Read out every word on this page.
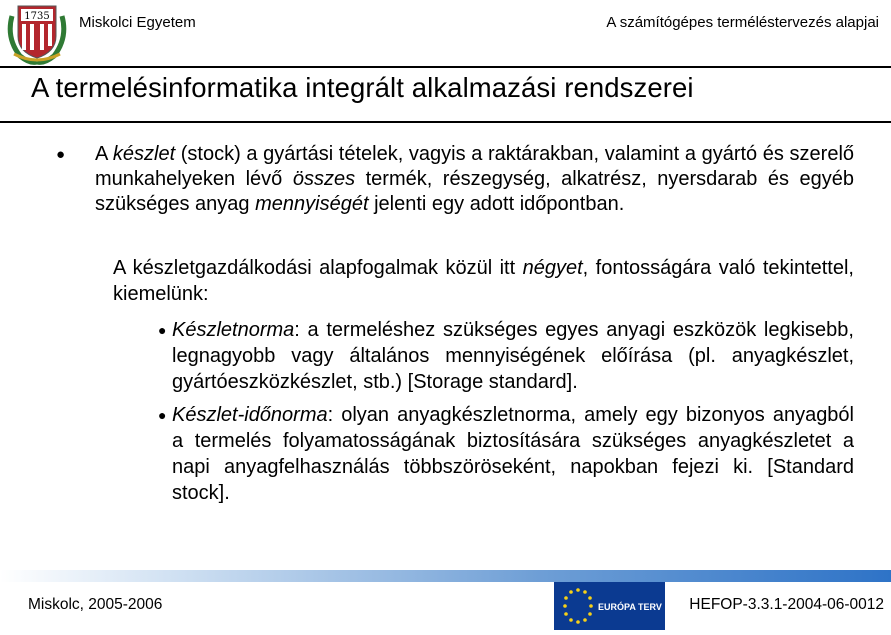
1735 Miskolci Egyetem	A számítógépes terméléstervezés alapjai
A termelésinformatika integrált alkalmazási rendszerei
● A készlet (stock) a gyártási tételek, vagyis a raktárakban, valamint a gyártó és szerelő munkahelyeken lévő összes termék, részegység, alkatrész, nyersdarab és egyéb szükséges anyag mennyiségét jelenti egy adott időpontban.

A készletgazdálkodási alapfogalmak közül itt négyet, fontosságára való tekintettel, kiemelünk:

● Készletnorma: a termeléshez szükséges egyes anyagi eszközök legkisebb, legnagyobb vagy általános mennyiségének előírása (pl. anyagkészlet, gyártóeszközkészlet, stb.) [Storage standard].

● Készlet-időnorma: olyan anyagkészletnorma, amely egy bizonyos anyagból a termelés folyamatosságának biztosítására szükséges anyagkészletet a napi anyagfelhasználás többszöröseként, napokban fejezi ki. [Standard stock].

Miskolc, 2005-2006	EURÓPA TERV HEFOP-3.3.1-2004-06-0012
